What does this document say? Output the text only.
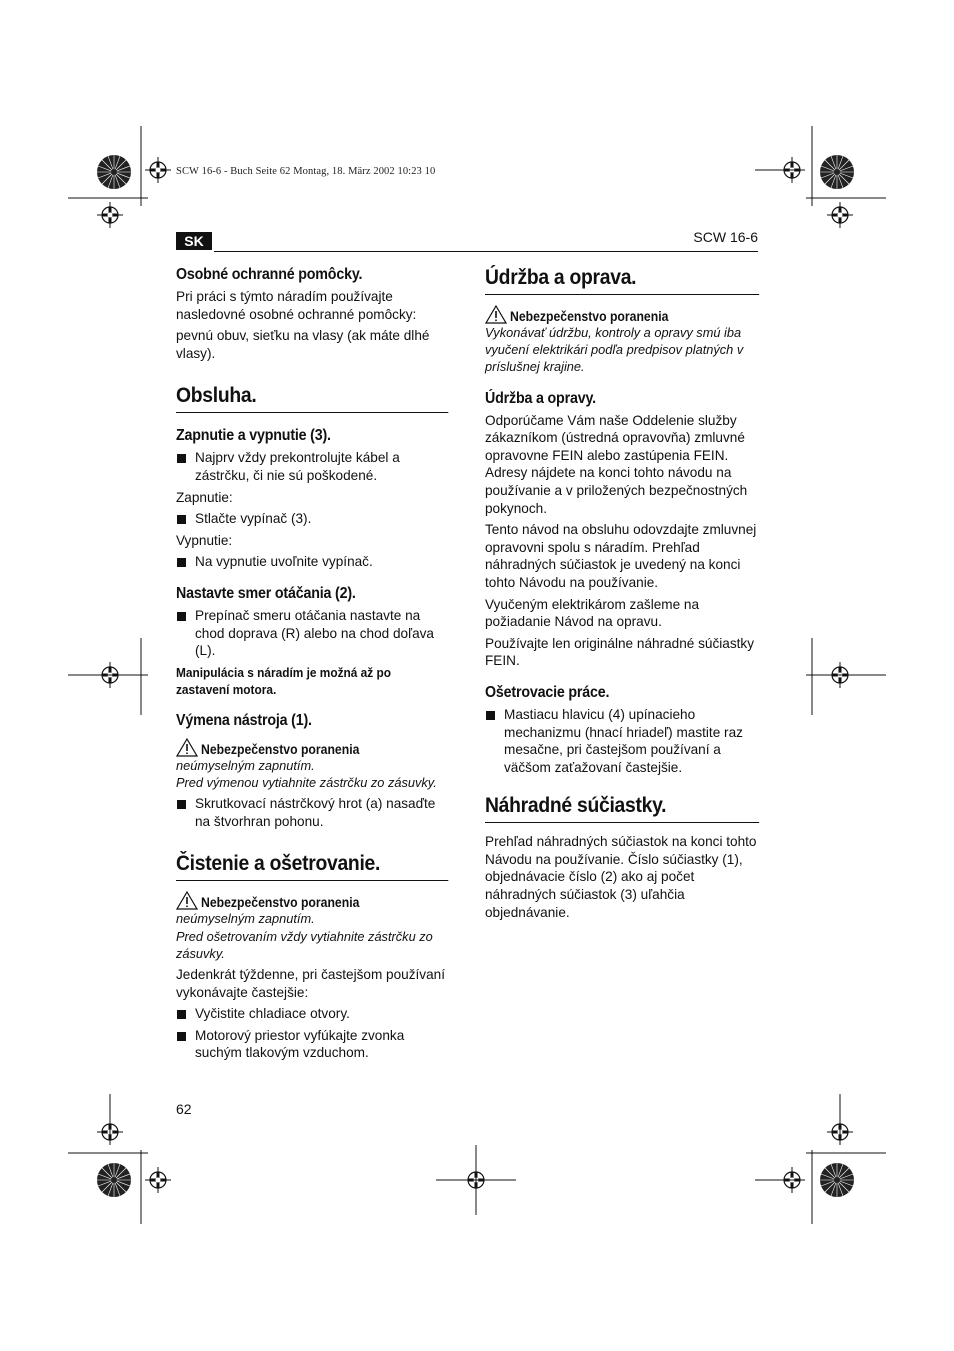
SCW 16-6 - Buch Seite 62 Montag, 18. März 2002 10:23 10
SK	SCW 16-6
Osobné ochranné pomôcky.

Pri práci s týmto náradím používajte nasledovné osobné ochranné pomôcky:

pevnú obuv, sieťku na vlasy (ak máte dlhé vlasy).

Obsluha.
Zapnutie a vypnutie (3).

Najprv vždy prekontrolujte kábel a zástrčku, či nie sú poškodené.

Zapnutie:

Stlačte vypínač (3).

Vypnutie:

Na vypnutie uvoľnite vypínač.

Nastavte smer otáčania (2).

Prepínač smeru otáčania nastavte na chod doprava (R) alebo na chod doľava (L).

Manipulácia s náradím je možná až po
zastavení motora.
Výmena nástroja (1).
Nebezpečenstvo poranenia

neúmyselným zapnutím.

Pred výmenou vytiahnite zástrčku zo zásuvky.

Skrutkovací nástrčkový hrot (a) nasaďte na štvorhran pohonu.

Čistenie a ošetrovanie.
Nebezpečenstvo poranenia

neúmyselným zapnutím.

Pred ošetrovaním vždy vytiahnite zástrčku zo zásuvky.

Jedenkrát týždenne, pri častejšom používaní vykonávajte častejšie:

Vyčistite chladiace otvory.

Motorový priestor vyfúkajte zvonka suchým tlakovým vzduchom.

Údržba a oprava.
Nebezpečenstvo poranenia

Vykonávať údržbu, kontroly a opravy smú iba vyučení elektrikári podľa predpisov platných v príslušnej krajine.

Údržba a opravy.

Odporúčame Vám naše Oddelenie služby zákazníkom (ústredná opravovňa) zmluvné opravovne FEIN alebo zastúpenia FEIN. Adresy nájdete na konci tohto návodu na používanie a v priložených bezpečnostných pokynoch.

Tento návod na obsluhu odovzdajte zmluvnej opravovni spolu s náradím. Prehľad náhradných súčiastok je uvedený na konci tohto Návodu na používanie.

Vyučeným elektrikárom zašleme na požiadanie Návod na opravu.

Používajte len originálne náhradné súčiastky FEIN.

Ošetrovacie práce.

Mastiacu hlavicu (4) upínacieho mechanizmu (hnací hriadeľ) mastite raz mesačne, pri častejšom používaní a väčšom zaťažovaní častejšie.

Náhradné súčiastky.

Prehľad náhradných súčiastok na konci tohto Návodu na používanie. Číslo súčiastky (1), objednávacie číslo (2) ako aj počet náhradných súčiastok (3) uľahčia objednávanie.

62
